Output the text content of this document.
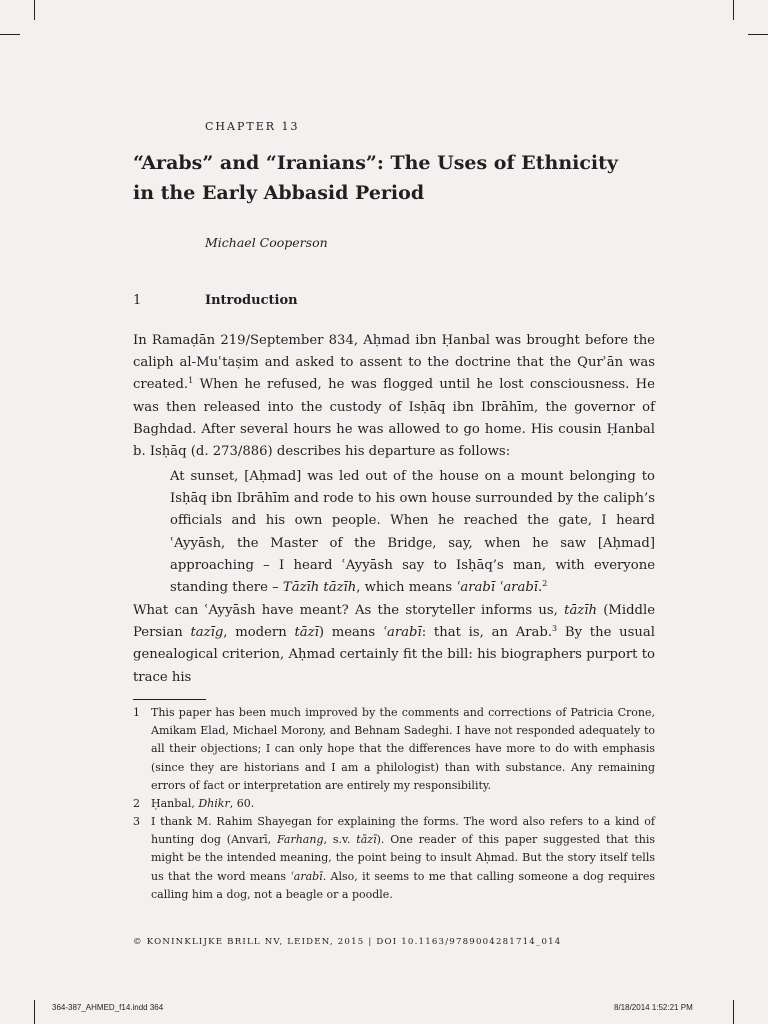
CHAPTER 13
“Arabs” and “Iranians”: The Uses of Ethnicity
in the Early Abbasid Period
Michael Cooperson
1	Introduction

In Ramaḍān 219/September 834, Aḥmad ibn Ḥanbal was brought before the caliph al-Muʿtaṣim and asked to assent to the doctrine that the Qurʾān was created.$^1$ When he refused, he was flogged until he lost consciousness. He was then released into the custody of Isḥāq ibn Ibrāhīm, the governor of Baghdad. After several hours he was allowed to go home. His cousin Ḥanbal b. Isḥāq (d. 273/886) describes his departure as follows:

At sunset, [Aḥmad] was led out of the house on a mount belonging to Isḥāq ibn Ibrāhīm and rode to his own house surrounded by the caliph’s officials and his own people. When he reached the gate, I heard ʿAyyāsh, the Master of the Bridge, say, when he saw [Aḥmad] approaching – I heard ʿAyyāsh say to Isḥāq’s man, with everyone standing there – Tāzīh tāzīh, which means ʿarabī ʿarabī.$^2$

What can ʿAyyāsh have meant? As the storyteller informs us, tāzīh (Middle Persian tazīg, modern tāzī) means ʿarabī: that is, an Arab.$^3$ By the usual genealogical criterion, Aḥmad certainly fit the bill: his biographers purport to trace his

1	This paper has been much improved by the comments and corrections of Patricia Crone, Amikam Elad, Michael Morony, and Behnam Sadeghi. I have not responded adequately to all their objections; I can only hope that the differences have more to do with emphasis (since they are historians and I am a philologist) than with substance. Any remaining errors of fact or interpretation are entirely my responsibility.
2	Ḥanbal, Dhikr, 60.
3	I thank M. Rahim Shayegan for explaining the forms. The word also refers to a kind of hunting dog (Anvarī, Farhang, s.v. tāzī). One reader of this paper suggested that this might be the intended meaning, the point being to insult Aḥmad. But the story itself tells us that the word means ʿarabī. Also, it seems to me that calling someone a dog requires calling him a dog, not a beagle or a poodle.
© KONINKLIJKE BRILL NV, LEIDEN, 2015 | DOI 10.1163/9789004281714_014
364-387_AHMED_f14.indd 364	8/18/2014 1:52:21 PM
